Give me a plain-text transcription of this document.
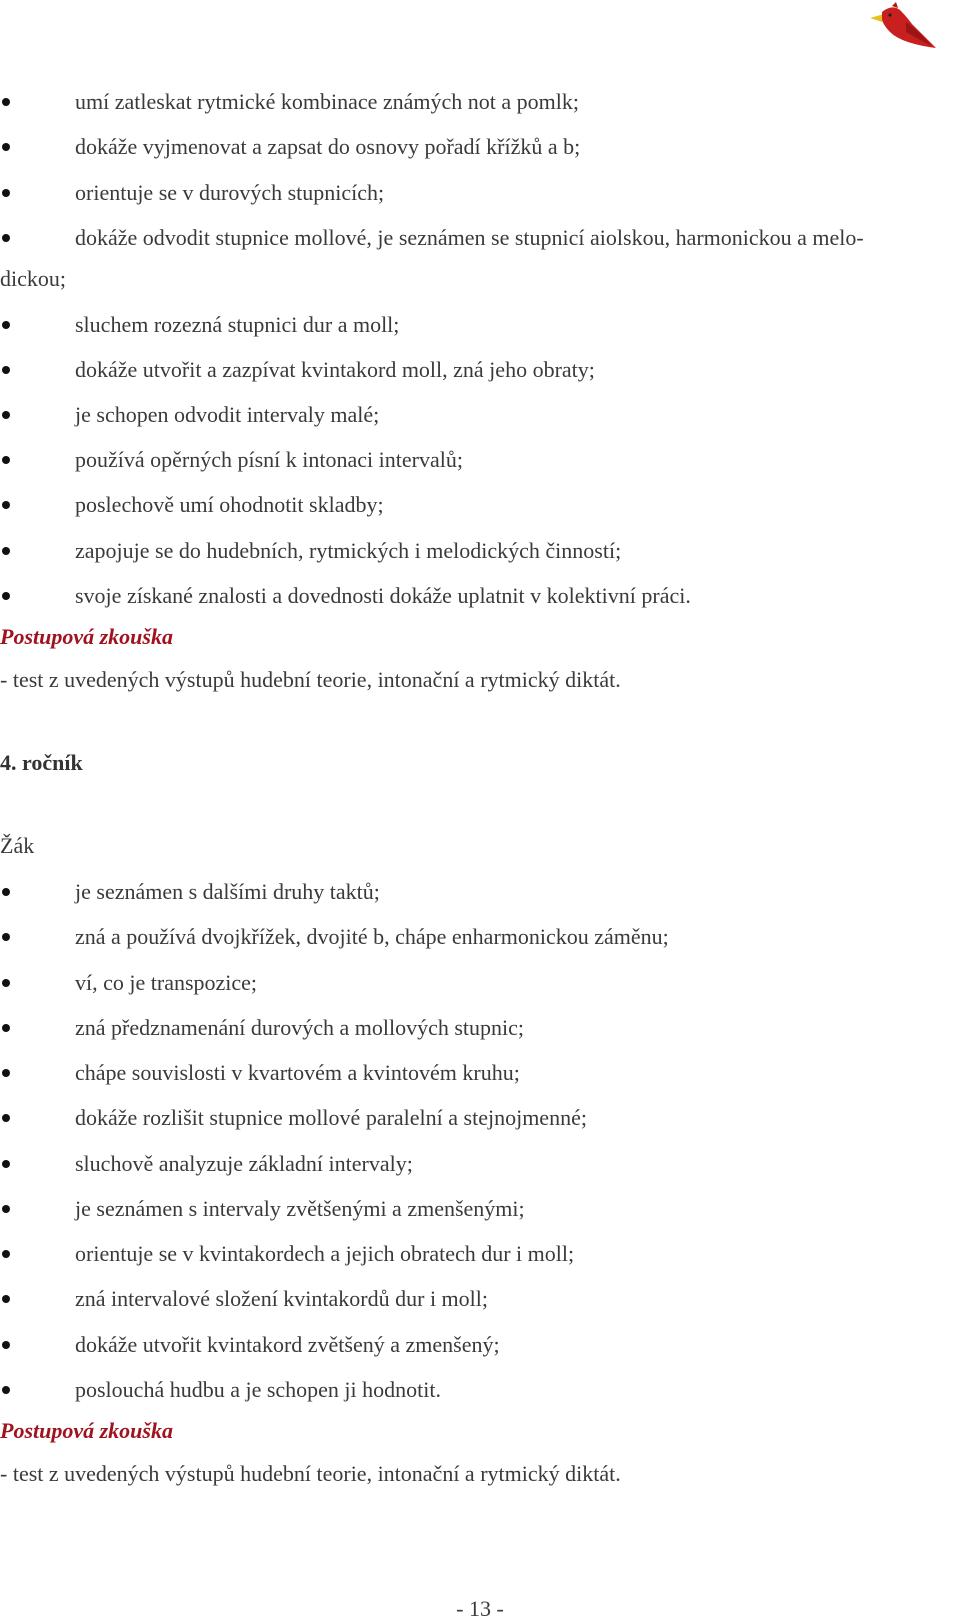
umí zatleskat rytmické kombinace známých not a pomlk;
dokáže vyjmenovat a zapsat do osnovy pořadí křížků a b;
orientuje se v durových stupnicích;
dokáže odvodit stupnice mollové, je seznámen se stupnicí aiolskou, harmonickou a melo-
dickou;
sluchem rozezná stupnici dur a moll;
dokáže utvořit a zazpívat kvintakord moll, zná jeho obraty;
je schopen odvodit intervaly malé;
používá opěrných písní k intonaci intervalů;
poslechově umí ohodnotit skladby;
zapojuje se do hudebních, rytmických i melodických činností;
svoje získané znalosti a dovednosti dokáže uplatnit v kolektivní práci.
Postupová zkouška
- test z uvedených výstupů hudební teorie, intonační a rytmický diktát.
4. ročník
Žák
je seznámen s dalšími druhy taktů;
zná a používá dvojkřížek, dvojité b, chápe enharmonickou záměnu;
ví, co je transpozice;
zná předznamenání durových a mollových stupnic;
chápe souvislosti v kvartovém a kvintovém kruhu;
dokáže rozlišit stupnice mollové paralelní a stejnojmenné;
sluchově analyzuje základní intervaly;
je seznámen s intervaly zvětšenými a zmenšenými;
orientuje se v kvintakordech a jejich obratech dur i moll;
zná intervalové složení kvintakordů dur i moll;
dokáže utvořit kvintakord zvětšený a zmenšený;
poslouchá hudbu a je schopen ji hodnotit.
Postupová zkouška
- test z uvedených výstupů hudební teorie, intonační a rytmický diktát.
- 13 -
